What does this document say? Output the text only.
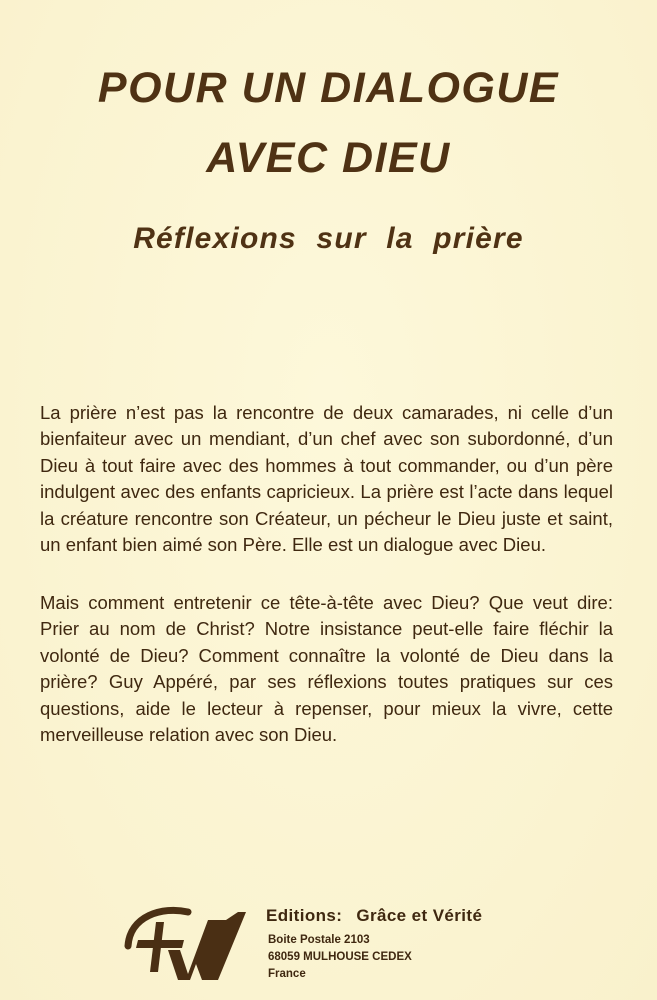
POUR UN DIALOGUE
AVEC DIEU
Réflexions sur la prière

La prière n’est pas la rencontre de deux camarades, ni celle d’un bienfaiteur avec un mendiant, d’un chef avec son subordonné, d’un Dieu à tout faire avec des hommes à tout commander, ou d’un père indulgent avec des enfants capricieux. La prière est l’acte dans lequel la créature rencontre son Créateur, un pécheur le Dieu juste et saint, un enfant bien aimé son Père. Elle est un dialogue avec Dieu.

Mais comment entretenir ce tête-à-tête avec Dieu? Que veut dire: Prier au nom de Christ? Notre insistance peut-elle faire fléchir la volonté de Dieu? Comment connaître la volonté de Dieu dans la prière? Guy Appéré, par ses réflexions toutes pratiques sur ces questions, aide le lecteur à repenser, pour mieux la vivre, cette merveilleuse relation avec son Dieu.

Editions: Grâce et Vérité
Boite Postale 2103
68059 MULHOUSE CEDEX
France
